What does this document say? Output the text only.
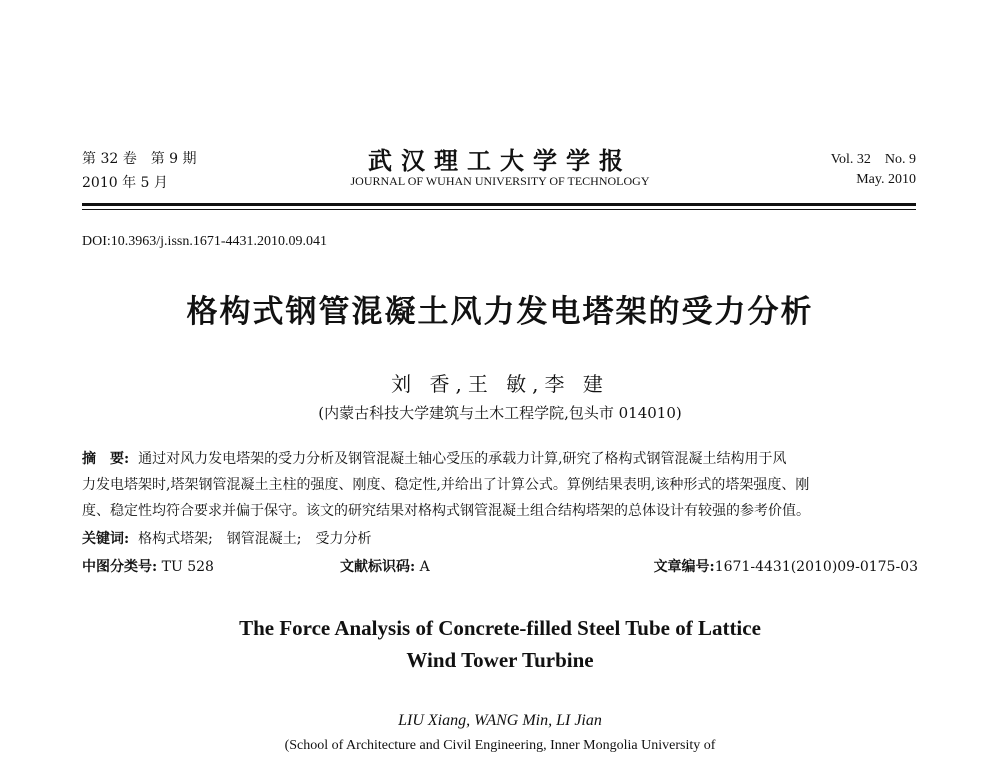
第 32 卷　第 9 期
2010 年 5 月
武汉理工大学学报
JOURNAL OF WUHAN UNIVERSITY OF TECHNOLOGY
Vol. 32　No. 9
May. 2010
DOI:10.3963/j.issn.1671-4431.2010.09.041
格构式钢管混凝土风力发电塔架的受力分析
刘 香,王 敏,李 建
(内蒙古科技大学建筑与土木工程学院,包头市 014010)
摘　要: 通过对风力发电塔架的受力分析及钢管混凝土轴心受压的承载力计算,研究了格构式钢管混凝土结构用于风
力发电塔架时,塔架钢管混凝土主柱的强度、刚度、稳定性,并给出了计算公式。算例结果表明,该种形式的塔架强度、刚
度、稳定性均符合要求并偏于保守。该文的研究结果对格构式钢管混凝土组合结构塔架的总体设计有较强的参考价值。
关键词: 格构式塔架;　钢管混凝土;　受力分析
中图分类号: TU 528	文献标识码: A	文章编号:1671-4431(2010)09-0175-03
The Force Analysis of Concrete-filled Steel Tube of Lattice
Wind Tower Turbine
LIU Xiang, WANG Min, LI Jian
(School of Architecture and Civil Engineering, Inner Mongolia University of
